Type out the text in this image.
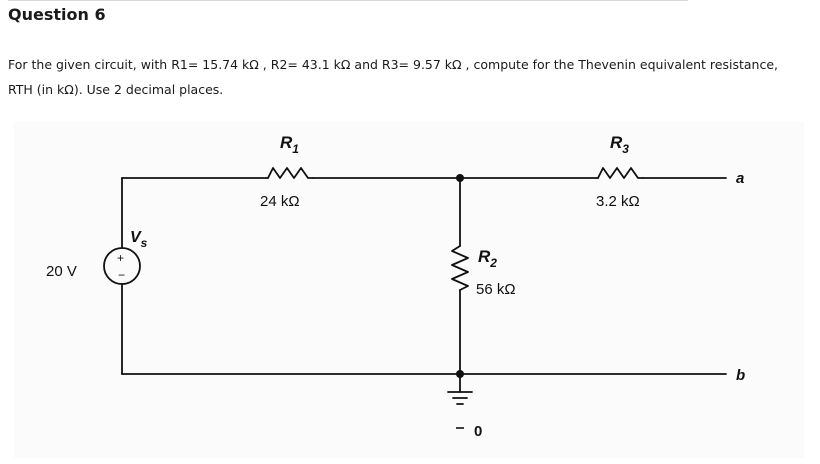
Question 6
For the given circuit, with R1= 15.74 kΩ , R2= 43.1 kΩ and R3= 9.57 kΩ , compute for the Thevenin equivalent resistance,
RTH (in kΩ). Use 2 decimal places.
$R_1$
24 kΩ
$R_3$
3.2 kΩ
$R_2$
56 kΩ
20 V
$V_s$
+
−
a
b
0
